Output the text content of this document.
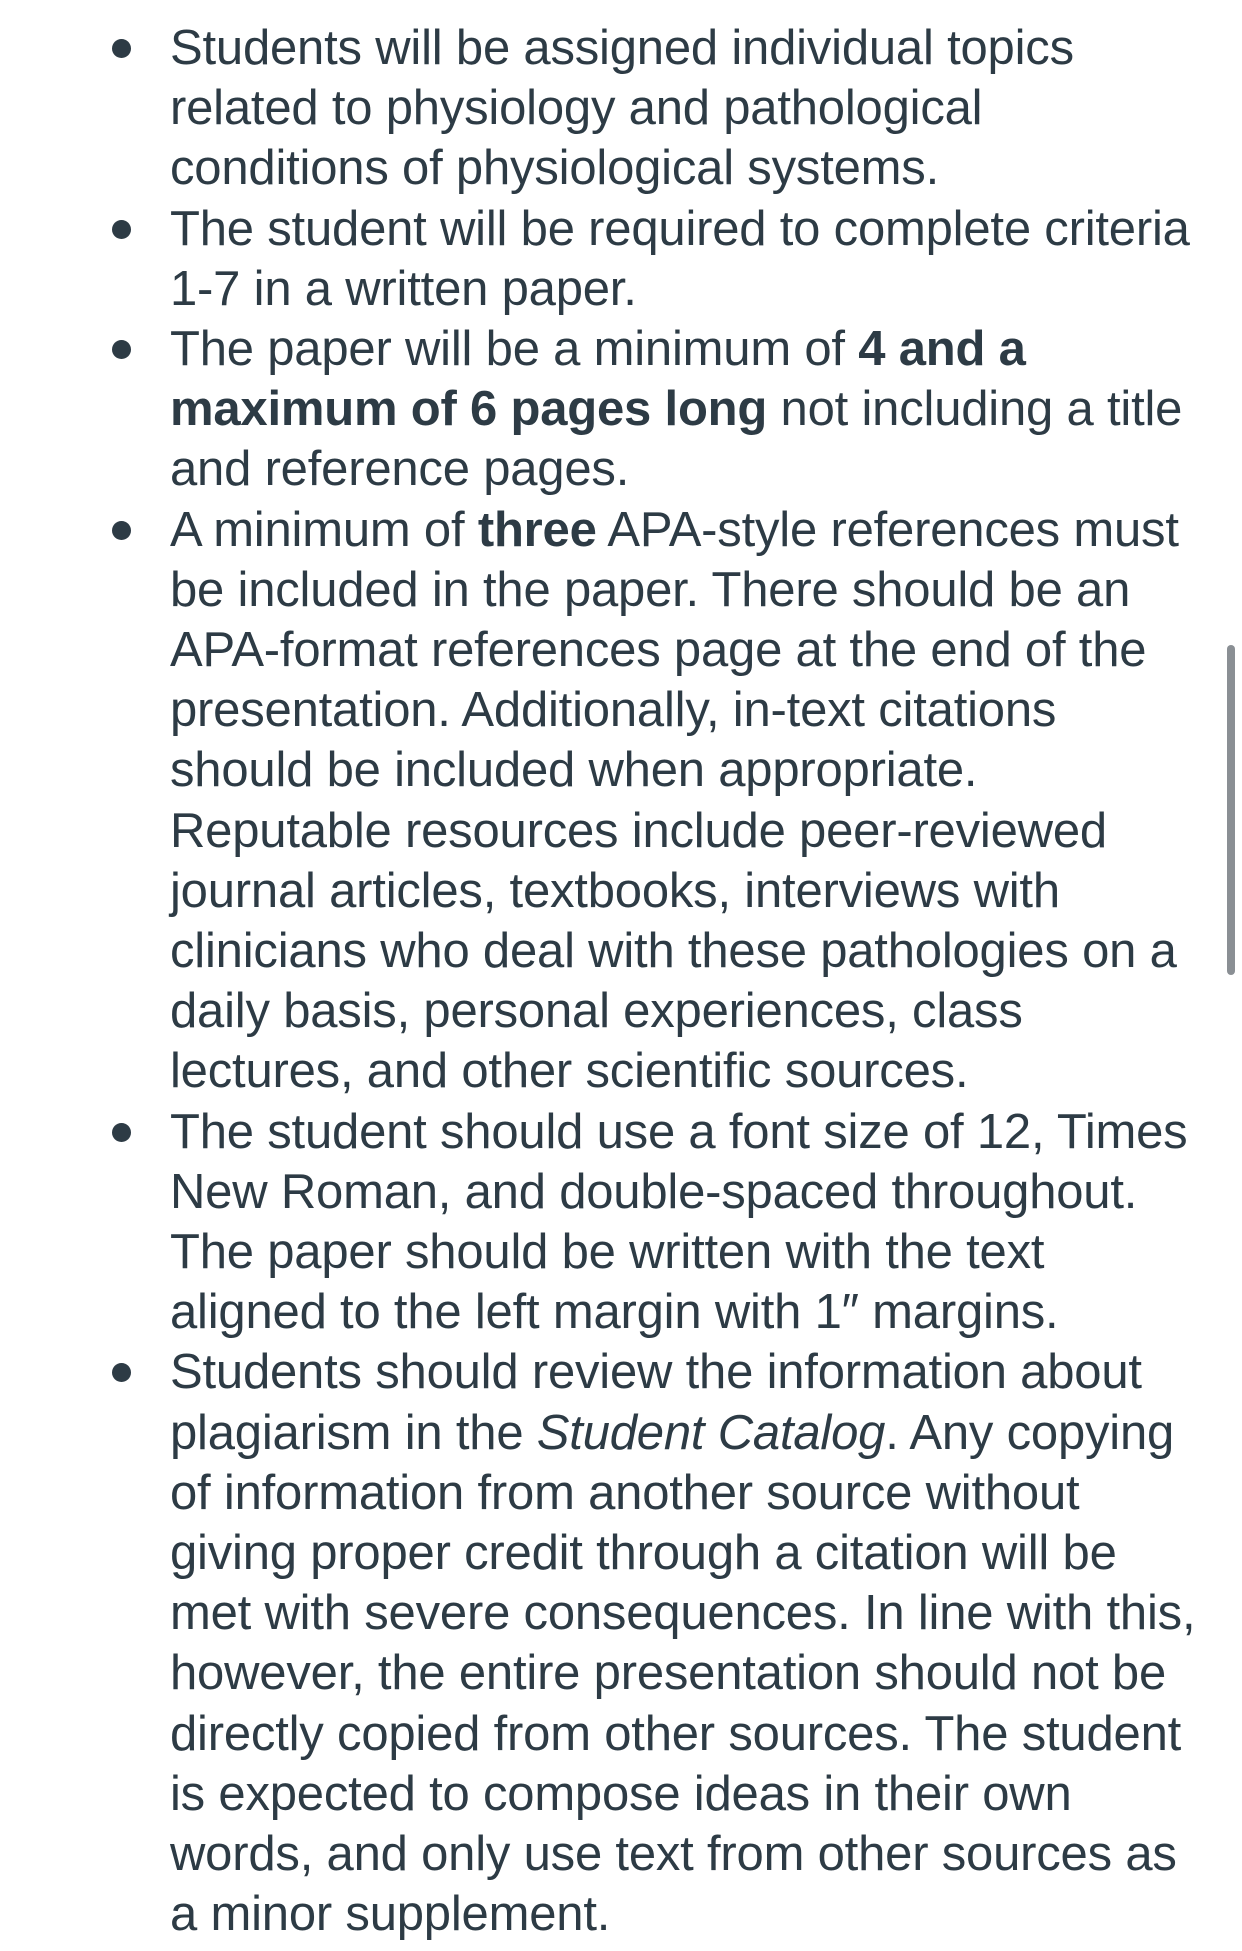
Students will be assigned individual topics related to physiology and pathological conditions of physiological systems.
The student will be required to complete criteria 1-7 in a written paper.
The paper will be a minimum of 4 and a maximum of 6 pages long not including a title and reference pages.
A minimum of three APA-style references must be included in the paper. There should be an APA-format references page at the end of the presentation. Additionally, in-text citations should be included when appropriate. Reputable resources include peer-reviewed journal articles, textbooks, interviews with clinicians who deal with these pathologies on a daily basis, personal experiences, class lectures, and other scientific sources.
The student should use a font size of 12, Times New Roman, and double-spaced throughout. The paper should be written with the text aligned to the left margin with 1″ margins.
Students should review the information about plagiarism in the Student Catalog. Any copying of information from another source without giving proper credit through a citation will be met with severe consequences. In line with this, however, the entire presentation should not be directly copied from other sources. The student is expected to compose ideas in their own words, and only use text from other sources as a minor supplement.
